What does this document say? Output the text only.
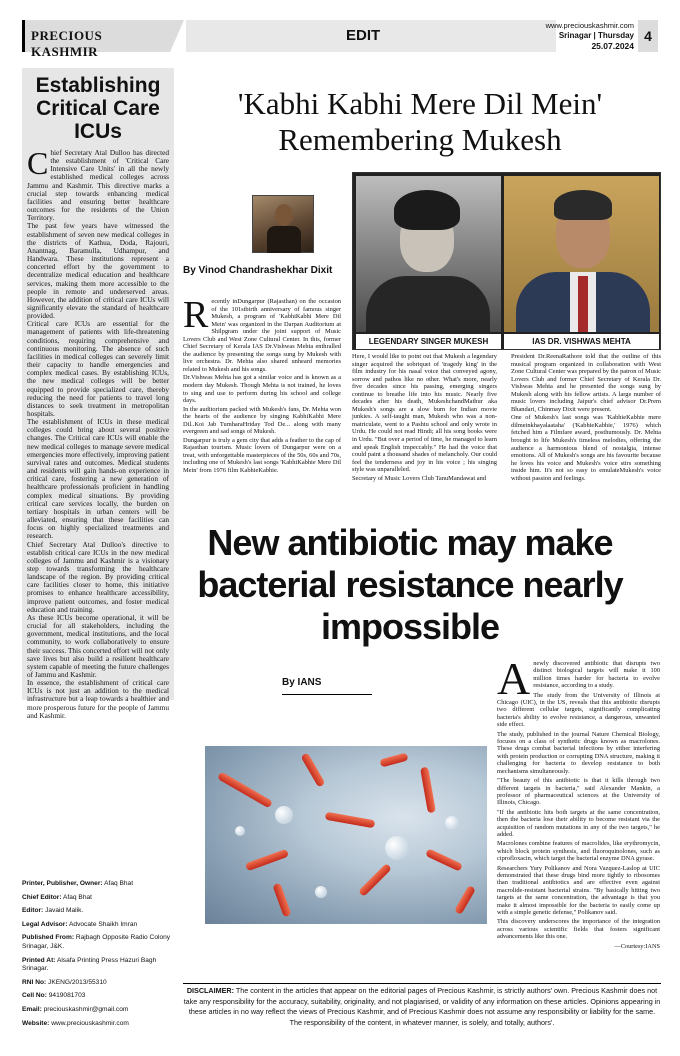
PRECIOUS KASHMIR
EDIT
www.preciouskashmir.com
Srinagar | Thursday
25.07.2024
4
Establishing Critical Care ICUs

Chief Secretary Atal Dulloo has directed the establishment of 'Critical Care Intensive Care Units' in all the newly established medical colleges across Jammu and Kashmir. This directive marks a crucial step towards enhancing medical facilities and ensuring better healthcare outcomes for the residents of the Union Territory.

The past few years have witnessed the establishment of seven new medical colleges in the districts of Kathua, Doda, Rajouri, Anantnag, Baramulla, Udhampur, and Handwara. These institutions represent a concerted effort by the government to decentralize medical education and healthcare services, making them more accessible to the people in remote and underserved areas. However, the addition of critical care ICUs will significantly elevate the standard of healthcare provided.

Critical care ICUs are essential for the management of patients with life-threatening conditions, requiring comprehensive and continuous monitoring. The absence of such facilities in medical colleges can severely limit their capacity to handle emergencies and complex medical cases. By establishing ICUs, the new medical colleges will be better equipped to provide specialized care, thereby reducing the need for patients to travel long distances to seek treatment in metropolitan hospitals.

The establishment of ICUs in these medical colleges could bring about several positive changes. The Critical care ICUs will enable the new medical colleges to manage severe medical emergencies more effectively, improving patient survival rates and outcomes. Medical students and residents will gain hands-on experience in critical care, fostering a new generation of healthcare professionals proficient in handling complex medical situations. By providing critical care services locally, the burden on tertiary hospitals in urban centers will be alleviated, ensuring that these facilities can focus on highly specialized treatments and research.

Chief Secretary Atal Dulloo's directive to establish critical care ICUs in the new medical colleges of Jammu and Kashmir is a visionary step towards transforming the healthcare landscape of the region. By providing critical care facilities closer to home, this initiative promises to enhance healthcare accessibility, improve patient outcomes, and foster medical education and training.

As these ICUs become operational, it will be crucial for all stakeholders, including the government, medical institutions, and the local community, to work collaboratively to ensure their success. This concerted effort will not only save lives but also build a resilient healthcare system capable of meeting the future challenges of Jammu and Kashmir.

In essence, the establishment of critical care ICUs is not just an addition to the medical infrastructure but a leap towards a healthier and more prosperous future for the people of Jammu and Kashmir.

Printer, Publisher, Owner: Afaq Bhat
Chief Editor: Afaq Bhat
Editor: Javaid Malik.
Legal Advisor: Advocate Shaikh Imran
Published From: Rajbagh Opposite Radio Colony Srinagar, J&K.
Printed At: Alsafa Printing Press Hazuri Bagh Srinagar.
RNI No: JKENG/2013/55310
Cell No: 9419081703
Email: preciouskashmir@gmail.com
Website: www.preciouskashmir.com
'Kabhi Kabhi Mere Dil Mein' Remembering Mukesh
By Vinod Chandrashekhar Dixit
LEGENDARY SINGER MUKESH	IAS DR. VISHWAS MEHTA

Recently inDungarpur (Rajasthan) on the occasion of the 101stbirth anniversary of famous singer Mukesh, a program of 'KabhiKabhi Mere Dil Mein' was organized in the Darpan Auditorium at Shilpgram under the joint support of Music Lovers Club and West Zone Cultural Center. In this, former Chief Secretary of Kerala IAS Dr.Vishwas Mehta enthralled the audience by presenting the songs sung by Mukesh with live orchestra. Dr. Mehta also shared unheard memories related to Mukesh and his songs.

Dr.Vishwas Mehta has got a similar voice and is known as a modern day Mukesh. Though Mehta is not trained, he loves to sing and use to perform during his school and college days.

In the auditorium packed with Mukesh's fans, Dr. Mehta won the hearts of the audience by singing KabhiKabhi Mere Dil..Koi Jab TumharaHriday Tod De... along with many evergreen and sad songs of Mukesh.

Dungarpur is truly a gem city that adds a feather to the cap of Rajasthan tourism. Music lovers of Dungarpur were on a treat, with unforgettable masterpieces of the 50s, 60s and 70s, including one of Mukesh's last songs 'KabhiKabhie Mere Dil Mein' from 1976 film KabhieKabhie.

Here, I would like to point out that Mukesh a legendary singer acquired the sobriquet of 'tragedy king' in the film industry for his nasal voice that conveyed agony, sorrow and pathos like no other. What's more, nearly five decades since his passing, emerging singers continue to breathe life into his music. Nearly five decades after his death, MukeshchandMathur aka Mukesh's songs are a slow burn for Indian movie junkies. A self-taught man, Mukesh who was a non-matriculate, went to a Pashtu school and only wrote in Urdu. He could not read Hindi; all his song books were in Urdu. "But over a period of time, he managed to learn and speak English impeccably." He had the voice that could paint a thousand shades of melancholy. Our could feel the tenderness and joy in his voice ; his singing style was unparalleled.

Secretary of Music Lovers Club TanuMandawat and

President Dr.ReenaRathore told that the outline of this musical program organized in collaboration with West Zone Cultural Center was prepared by the patron of Music Lovers Club and former Chief Secretary of Kerala Dr. Vishwas Mehta and he presented the songs sung by Mukesh along with his fellow artists. A large number of music lovers including Jaipur's chief advisor Dr.Prem Bhandari, Chinmay Dixit were present.

One of Mukesh's last songs was 'KabhieKabhie mere dilmeinkhayalaataha' ('KabhieKabhie,' 1976) which fetched him a Filmfare award, posthumously. Dr. Mehta brought to life Mukesh's timeless melodies, offering the audience a harmonious blend of nostalgia, intense emotions. All of Mukesh's songs are his favourite because he loves his voice and Mukesh's voice stirs something inside him. It's not so easy to emulateMukesh's voice without passion and feelings.

New antibiotic may make bacterial resistance nearly impossible
By IANS	Anewly discovered antibiotic that disrupts two distinct biological targets will make it 100 million times harder for bacteria to evolve resistance, according to a study.

The study from the University of Illinois at Chicago (UIC), in the US, reveals that this antibiotic disrupts two different cellular targets, significantly complicating bacteria's ability to evolve resistance, a dangerous, unwanted side effect.

The study, published in the journal Nature Chemical Biology, focuses on a class of synthetic drugs known as macrolones. These drugs combat bacterial infections by either interfering with protein production or corrupting DNA structure, making it challenging for bacteria to develop resistance to both mechanisms simultaneously.

"The beauty of this antibiotic is that it kills through two different targets in bacteria," said Alexander Mankin, a professor of pharmaceutical sciences at the University of Illinois, Chicago.

"If the antibiotic hits both targets at the same concentration, then the bacteria lose their ability to become resistant via the acquisition of random mutations in any of the two targets," he added.

Macrolones combine features of macrolides, like erythromycin, which block protein synthesis, and fluoroquinolones, such as ciprofloxacin, which target the bacterial enzyme DNA gyrase.

Researchers Yury Polikanov and Nora Vazquez-Laslop at UIC demonstrated that these drugs bind more tightly to ribosomes than traditional antibiotics and are effective even against macrolide-resistant bacterial strains. "By basically hitting two targets at the same concentration, the advantage is that you make it almost impossible for the bacteria to easily come up with a simple genetic defense," Polikanov said.

This discovery underscores the importance of the integration across various scientific fields that fosters significant advancements like this one.

—Courtesy:IANS
DISCLAIMER: The content in the articles that appear on the editorial pages of Precious Kashmir, is strictly authors' own. Precious Kashmir does not take any responsibility for the accuracy, suitability, originality, and not plagiarised, or validity of any information on these articles. Opinions appearing in these articles in no way reflect the views of Precious Kashmir, and of Precious Kashmir does not assume any responsibility or liability for the same. The responsibility of the content, in whatever manner, is solely, and totally, authors'.
